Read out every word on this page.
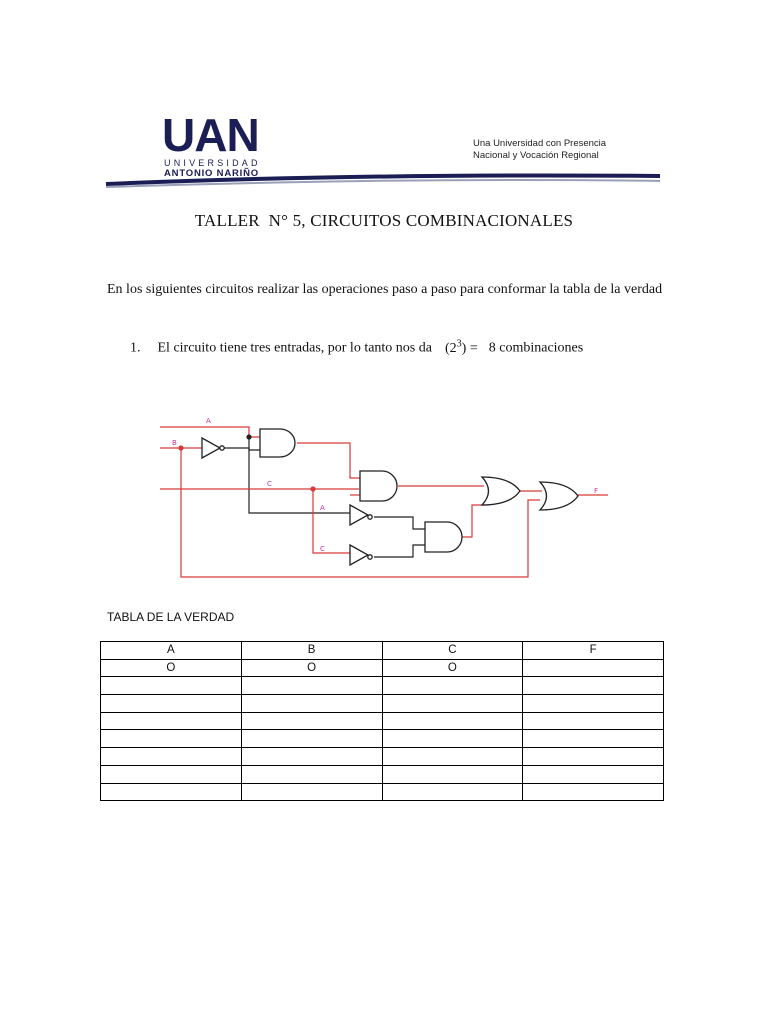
UAN
UNIVERSIDAD
ANTONIO NARIÑO
Una Universidad con Presencia
Nacional y Vocación Regional
TALLER  N° 5, CIRCUITOS COMBINACIONALES
En los siguientes circuitos realizar las operaciones paso a paso para conformar la tabla de la verdad
1. El circuito tiene tres entradas, por lo tanto nos da $(2^3) = 8$ combinaciones
A
B
C
A
C
F
TABLA DE LA VERDAD
A	B	C	F
O	O	O	
